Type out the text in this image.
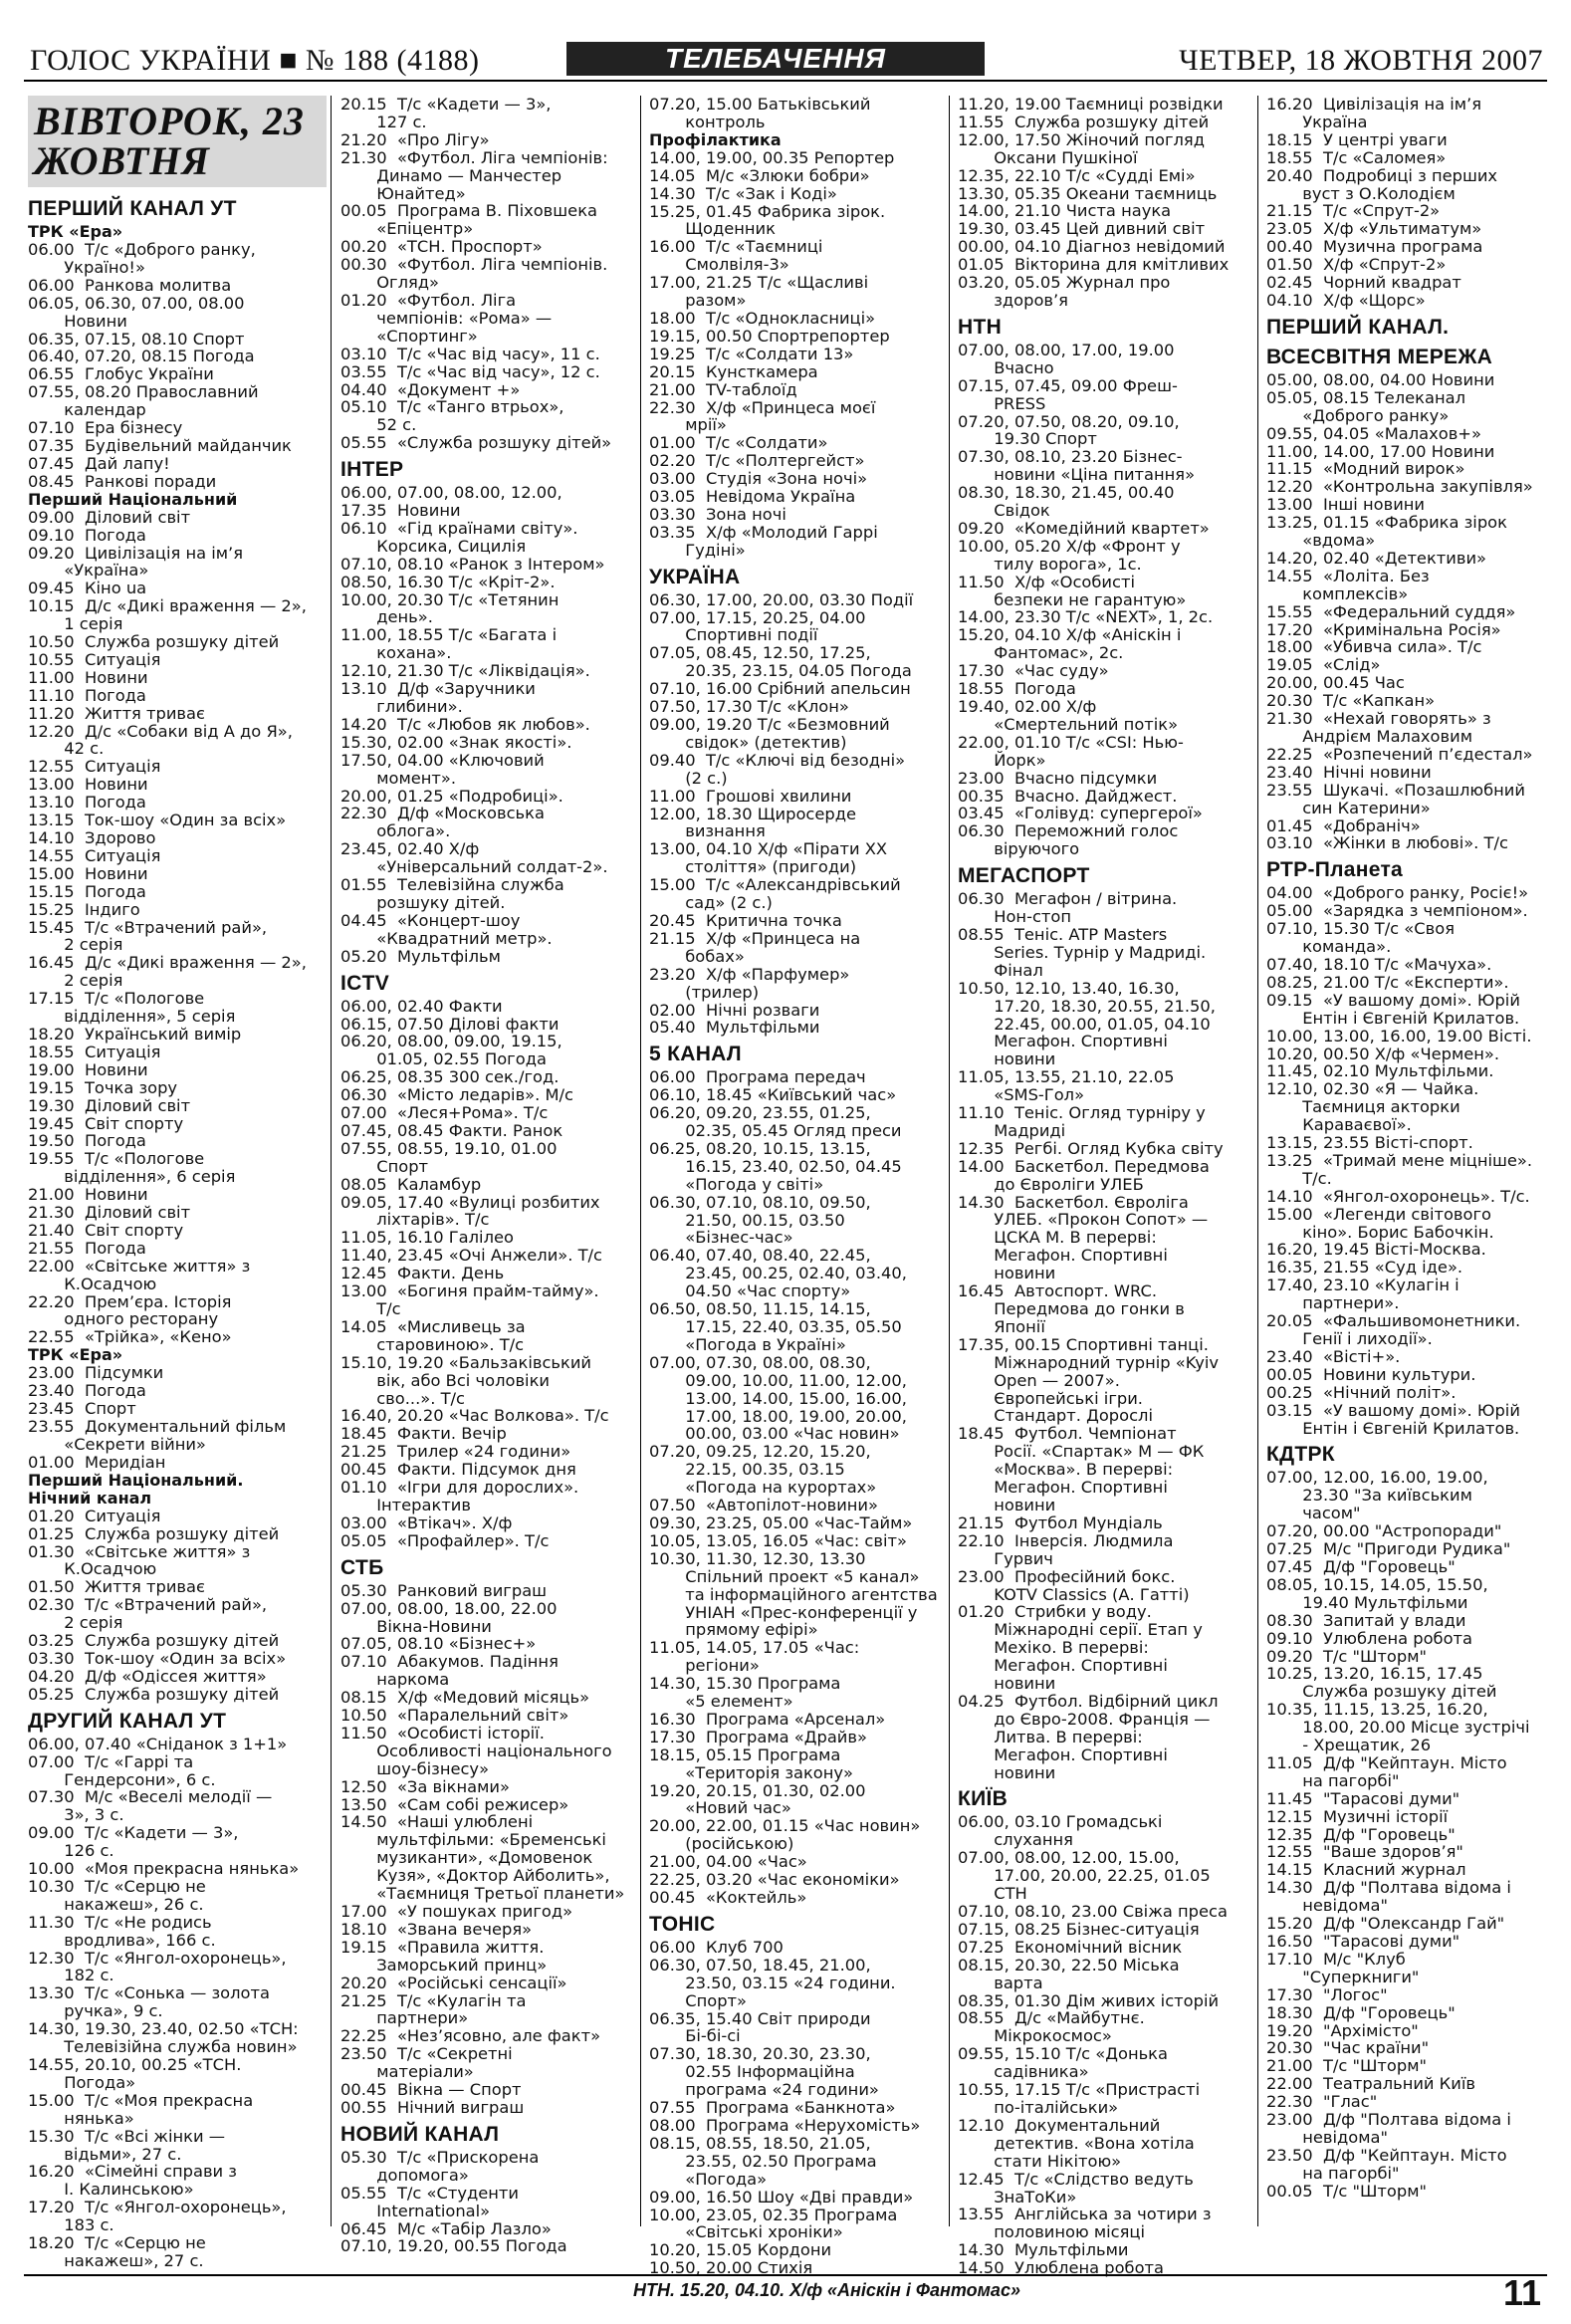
ГОЛОС УКРАЇНИ ■ № 188 (4188)	ТЕЛЕБАЧЕННЯ	ЧЕТВЕР, 18 ЖОВТНЯ 2007
ВІВТОРОК, 23 ЖОВТНЯ
ПЕРШИЙ КАНАЛ УТ
ТРК «Ера»
06.00  Т/с «Доброго ранку,
Україно!»
06.00  Ранкова молитва
06.05, 06.30, 07.00, 08.00
Новини
06.35, 07.15, 08.10 Спорт
06.40, 07.20, 08.15 Погода
06.55  Глобус України
07.55, 08.20 Православний
календар
07.10  Ера бізнесу
07.35  Будівельний майданчик
07.45  Дай лапу!
08.45  Ранкові поради
Перший Національний
09.00  Діловий світ
09.10  Погода
09.20  Цивілізація на ім’я
«Україна»
09.45  Кіно ua
10.15  Д/с «Дикі враження — 2»,
1 серія
10.50  Служба розшуку дітей
10.55  Ситуація
11.00  Новини
11.10  Погода
11.20  Життя триває
12.20  Д/с «Собаки від А до Я»,
42 с.
12.55  Ситуація
13.00  Новини
13.10  Погода
13.15  Ток-шоу «Один за всіх»
14.10  Здорово
14.55  Ситуація
15.00  Новини
15.15  Погода
15.25  Індиго
15.45  Т/с «Втрачений рай»,
2 серія
16.45  Д/с «Дикі враження — 2»,
2 серія
17.15  Т/с «Пологове
відділення», 5 серія
18.20  Український вимір
18.55  Ситуація
19.00  Новини
19.15  Точка зору
19.30  Діловий світ
19.45  Світ спорту
19.50  Погода
19.55  Т/с «Пологове
відділення», 6 серія
21.00  Новини
21.30  Діловий світ
21.40  Світ спорту
21.55  Погода
22.00  «Світське життя» з
К.Осадчою
22.20  Прем’єра. Історія
одного ресторану
22.55  «Трійка», «Кено»
ТРК «Ера»
23.00  Підсумки
23.40  Погода
23.45  Спорт
23.55  Документальний фільм
«Секрети війни»
01.00  Меридіан
Перший Національний.
Нічний канал
01.20  Ситуація
01.25  Служба розшуку дітей
01.30  «Світське життя» з
К.Осадчою
01.50  Життя триває
02.30  Т/с «Втрачений рай»,
2 серія
03.25  Служба розшуку дітей
03.30  Ток-шоу «Один за всіх»
04.20  Д/ф «Одіссея життя»
05.25  Служба розшуку дітей
ДРУГИЙ КАНАЛ УТ
06.00, 07.40 «Сніданок з 1+1»
07.00  Т/с «Гаррі та
Гендерсони», 6 с.
07.30  М/с «Веселі мелодії —
3», 3 с.
09.00  Т/с «Кадети — 3»,
126 с.
10.00  «Моя прекрасна нянька»
10.30  Т/с «Серцю не
накажеш», 26 с.
11.30  Т/с «Не родись
вродлива», 166 с.
12.30  Т/с «Янгол-охоронець»,
182 с.
13.30  Т/с «Сонька — золота
ручка», 9 с.
14.30, 19.30, 23.40, 02.50 «ТСН:
Телевізійна служба новин»
14.55, 20.10, 00.25 «ТСН.
Погода»
15.00  Т/с «Моя прекрасна
нянька»
15.30  Т/с «Всі жінки —
відьми», 27 с.
16.20  «Сімейні справи з
І. Калинською»
17.20  Т/с «Янгол-охоронець»,
183 с.
18.20  Т/с «Серцю не
накажеш», 27 с.
20.15  Т/с «Кадети — 3»,
127 с.
21.20  «Про Лігу»
21.30  «Футбол. Ліга чемпіонів:
Динамо — Манчестер
Юнайтед»
00.05  Програма В. Піховшека
«Епіцентр»
00.20  «ТСН. Проспорт»
00.30  «Футбол. Ліга чемпіонів.
Огляд»
01.20  «Футбол. Ліга
чемпіонів: «Рома» —
«Спортинг»
03.10  Т/с «Час від часу», 11 с.
03.55  Т/с «Час від часу», 12 с.
04.40  «Документ +»
05.10  Т/с «Танго втрьох»,
52 с.
05.55  «Служба розшуку дітей»
ІНТЕР
06.00, 07.00, 08.00, 12.00,
17.35  Новини
06.10  «Гід країнами світу».
Корсика, Сицилія
07.10, 08.10 «Ранок з Інтером»
08.50, 16.30 Т/с «Кріт-2».
10.00, 20.30 Т/с «Тетянин
день».
11.00, 18.55 Т/с «Багата і
кохана».
12.10, 21.30 Т/с «Ліквідація».
13.10  Д/ф «Заручники
глибини».
14.20  Т/с «Любов як любов».
15.30, 02.00 «Знак якості».
17.50, 04.00 «Ключовий
момент».
20.00, 01.25 «Подробиці».
22.30  Д/ф «Московська
облога».
23.45, 02.40 Х/ф
«Універсальний солдат-2».
01.55  Телевізійна служба
розшуку дітей.
04.45  «Концерт-шоу
«Квадратний метр».
05.20  Мультфільм
ICTV
06.00, 02.40 Факти
06.15, 07.50 Ділові факти
06.20, 08.00, 09.00, 19.15,
01.05, 02.55 Погода
06.25, 08.35 300 сек./год.
06.30  «Місто ледарів». М/с
07.00  «Леся+Рома». Т/с
07.45, 08.45 Факти. Ранок
07.55, 08.55, 19.10, 01.00
Спорт
08.05  Каламбур
09.05, 17.40 «Вулиці розбитих
ліхтарів». Т/с
11.05, 16.10 Галілео
11.40, 23.45 «Очі Анжели». Т/с
12.45  Факти. День
13.00  «Богиня прайм-тайму».
Т/с
14.05  «Мисливець за
старовиною». Т/с
15.10, 19.20 «Бальзаківський
вік, або Всі чоловіки
сво...». Т/с
16.40, 20.20 «Час Волкова». Т/с
18.45  Факти. Вечір
21.25  Трилер «24 години»
00.45  Факти. Підсумок дня
01.10  «Ігри для дорослих».
Інтерактив
03.00  «Втікач». Х/ф
05.05  «Профайлер». Т/с
СТБ
05.30  Ранковий виграш
07.00, 08.00, 18.00, 22.00
Вікна-Новини
07.05, 08.10 «Бізнес+»
07.10  Абакумов. Падіння
наркома
08.15  Х/ф «Медовий місяць»
10.50  «Паралельний світ»
11.50  «Особисті історії.
Особливості національного
шоу-бізнесу»
12.50  «За вікнами»
13.50  «Сам собі режисер»
14.50  «Наші улюблені
мультфільми: «Бременські
музиканти», «Домовенок
Кузя», «Доктор Айболить»,
«Таємниця Третьої планети»
17.00  «У пошуках пригод»
18.10  «Звана вечеря»
19.15  «Правила життя.
Заморський принц»
20.20  «Російські сенсації»
21.25  Т/с «Кулагін та
партнери»
22.25  «Нез’ясовно, але факт»
23.50  Т/с «Секретні
матеріали»
00.45  Вікна — Спорт
00.55  Нічний виграш
НОВИЙ КАНАЛ
05.30  Т/с «Прискорена
допомога»
05.55  Т/с «Студенти
International»
06.45  М/с «Табір Лазло»
07.10, 19.20, 00.55 Погода
07.20, 15.00 Батьківський
контроль
Профілактика
14.00, 19.00, 00.35 Репортер
14.05  М/с «Злюки бобри»
14.30  Т/с «Зак і Коді»
15.25, 01.45 Фабрика зірок.
Щоденник
16.00  Т/с «Таємниці
Смолвіля-3»
17.00, 21.25 Т/с «Щасливі
разом»
18.00  Т/с «Однокласниці»
19.15, 00.50 Спортрепортер
19.25  Т/с «Солдати 13»
20.15  Кунсткамера
21.00  TV-таблоїд
22.30  Х/ф «Принцеса моєї
мрії»
01.00  Т/с «Солдати»
02.20  Т/с «Полтергейст»
03.00  Студія «Зона ночі»
03.05  Невідома Україна
03.30  Зона ночі
03.35  Х/ф «Молодий Гаррі
Гудіні»
УКРАЇНА
06.30, 17.00, 20.00, 03.30 Події
07.00, 17.15, 20.25, 04.00
Спортивні події
07.05, 08.45, 12.50, 17.25,
20.35, 23.15, 04.05 Погода
07.10, 16.00 Срібний апельсин
07.50, 17.30 Т/с «Клон»
09.00, 19.20 Т/с «Безмовний
свідок» (детектив)
09.40  Т/с «Ключі від безодні»
(2 с.)
11.00  Грошові хвилини
12.00, 18.30 Щиросерде
визнання
13.00, 04.10 Х/ф «Пірати XX
століття» (пригоди)
15.00  Т/с «Александрівський
сад» (2 с.)
20.45  Критична точка
21.15  Х/ф «Принцеса на
бобах»
23.20  Х/ф «Парфумер»
(трилер)
02.00  Нічні розваги
05.40  Мультфільми
5 КАНАЛ
06.00  Програма передач
06.10, 18.45 «Київський час»
06.20, 09.20, 23.55, 01.25,
02.35, 05.45 Огляд преси
06.25, 08.20, 10.15, 13.15,
16.15, 23.40, 02.50, 04.45
«Погода у світі»
06.30, 07.10, 08.10, 09.50,
21.50, 00.15, 03.50
«Бізнес-час»
06.40, 07.40, 08.40, 22.45,
23.45, 00.25, 02.40, 03.40,
04.50 «Час спорту»
06.50, 08.50, 11.15, 14.15,
17.15, 22.40, 03.35, 05.50
«Погода в Україні»
07.00, 07.30, 08.00, 08.30,
09.00, 10.00, 11.00, 12.00,
13.00, 14.00, 15.00, 16.00,
17.00, 18.00, 19.00, 20.00,
00.00, 03.00 «Час новин»
07.20, 09.25, 12.20, 15.20,
22.15, 00.35, 03.15
«Погода на курортах»
07.50  «Автопілот-новини»
09.30, 23.25, 05.00 «Час-Тайм»
10.05, 13.05, 16.05 «Час: світ»
10.30, 11.30, 12.30, 13.30
Спільний проект «5 канал»
та інформаційного агентства
УНІАН «Прес-конференції у
прямому ефірі»
11.05, 14.05, 17.05 «Час:
регіони»
14.30, 15.30 Програма
«5 елемент»
16.30  Програма «Арсенал»
17.30  Програма «Драйв»
18.15, 05.15 Програма
«Територія закону»
19.20, 20.15, 01.30, 02.00
«Новий час»
20.00, 22.00, 01.15 «Час новин»
(російською)
21.00, 04.00 «Час»
22.25, 03.20 «Час економіки»
00.45  «Коктейль»
TOHIC
06.00  Клуб 700
06.30, 07.50, 18.45, 21.00,
23.50, 03.15 «24 години.
Спорт»
06.35, 15.40 Світ природи
Бі-бі-сі
07.30, 18.30, 20.30, 23.30,
02.55 Інформаційна
програма «24 години»
07.55  Програма «Банкнота»
08.00  Програма «Нерухомість»
08.15, 08.55, 18.50, 21.05,
23.55, 02.50 Програма
«Погода»
09.00, 16.50 Шоу «Дві правди»
10.00, 23.05, 02.35 Програма
«Світські хроніки»
10.20, 15.05 Кордони
10.50, 20.00 Стихія
11.20, 19.00 Таємниці розвідки
11.55  Служба розшуку дітей
12.00, 17.50 Жіночий погляд
Оксани Пушкіної
12.35, 22.10 Т/с «Судді Емі»
13.30, 05.35 Океани таємниць
14.00, 21.10 Чиста наука
19.30, 03.45 Цей дивний світ
00.00, 04.10 Діагноз невідомий
01.05  Вікторина для кмітливих
03.20, 05.05 Журнал про
здоров’я
НТН
07.00, 08.00, 17.00, 19.00
Вчасно
07.15, 07.45, 09.00 Фреш-
PRESS
07.20, 07.50, 08.20, 09.10,
19.30 Спорт
07.30, 08.10, 23.20 Бізнес-
новини «Ціна питання»
08.30, 18.30, 21.45, 00.40
Свідок
09.20  «Комедійний квартет»
10.00, 05.20 Х/ф «Фронт у
тилу ворога», 1с.
11.50  Х/ф «Особисті
безпеки не гарантую»
14.00, 23.30 Т/с «NEXT», 1, 2с.
15.20, 04.10 Х/ф «Анiскiн i
Фантомас», 2с.
17.30  «Час суду»
18.55  Погода
19.40, 02.00 Х/ф
«Смертельний потік»
22.00, 01.10 Т/с «CSI: Нью-
Йорк»
23.00  Вчасно підсумки
00.35  Вчасно. Дайджест.
03.45  «Голівуд: супергерої»
06.30  Переможний голос
віруючого
МЕГАСПОРТ
06.30  Мегафон / вітрина.
Нон-стоп
08.55  Теніс. ATP Masters
Series. Турнір у Мадриді.
Фінал
10.50, 12.10, 13.40, 16.30,
17.20, 18.30, 20.55, 21.50,
22.45, 00.00, 01.05, 04.10
Мегафон. Спортивні
новини
11.05, 13.55, 21.10, 22.05
«SMS-Гол»
11.10  Теніс. Огляд турніру у
Мадриді
12.35  Регбі. Огляд Кубка світу
14.00  Баскетбол. Передмова
до Євроліги УЛЕБ
14.30  Баскетбол. Євроліга
УЛЕБ. «Прокон Сопот» —
ЦСКА М. В перерві:
Мегафон. Спортивні
новини
16.45  Автоспорт. WRC.
Передмова до гонки в
Японії
17.35, 00.15 Спортивні танці.
Міжнародний турнір «Kyiv
Open — 2007».
Європейські ігри.
Стандарт. Дорослі
18.45  Футбол. Чемпіонат
Росії. «Спартак» М — ФК
«Москва». В перерві:
Мегафон. Спортивні
новини
21.15  Футбол Мундіаль
22.10  Інверсія. Людмила
Гурвич
23.00  Професійний бокс.
KOTV Classics (А. Гатті)
01.20  Стрибки у воду.
Міжнародні серії. Етап у
Мехіко. В перерві:
Мегафон. Спортивні
новини
04.25  Футбол. Відбірний цикл
до Євро-2008. Франція —
Литва. В перерві:
Мегафон. Спортивні
новини
КИЇВ
06.00, 03.10 Громадські
слухання
07.00, 08.00, 12.00, 15.00,
17.00, 20.00, 22.25, 01.05
СТН
07.10, 08.10, 23.00 Свіжа преса
07.15, 08.25 Бізнес-ситуація
07.25  Економічний вісник
08.15, 20.30, 22.50 Міська
варта
08.35, 01.30 Дім живих історій
08.55  Д/с «Майбутнє.
Мікрокосмос»
09.55, 15.10 Т/с «Донька
садівника»
10.55, 17.15 Т/с «Пристрасті
по-італійськи»
12.10  Документальний
детектив. «Вона хотіла
стати Нікітою»
12.45  Т/с «Слідство ведуть
ЗнаТоКи»
13.55  Англійська за чотири з
половиною місяці
14.30  Мультфільми
14.50  Улюблена робота
16.20  Цивілізація на ім’я
Україна
18.15  У центрі уваги
18.55  Т/с «Саломея»
20.40  Подробиці з перших
вуст з О.Колодієм
21.15  Т/с «Спрут-2»
23.05  Х/ф «Ультиматум»
00.40  Музична програма
01.50  Х/ф «Спрут-2»
02.45  Чорний квадрат
04.10  Х/ф «Щорс»
ПЕРШИЙ КАНАЛ.
ВСЕСВІТНЯ МЕРЕЖА
05.00, 08.00, 04.00 Новини
05.05, 08.15 Телеканал
«Доброго ранку»
09.55, 04.05 «Малахов+»
11.00, 14.00, 17.00 Новини
11.15  «Модний вирок»
12.20  «Контрольна закупівля»
13.00  Інші новини
13.25, 01.15 «Фабрика зірок
«вдома»
14.20, 02.40 «Детективи»
14.55  «Лоліта. Без
комплексів»
15.55  «Федеральний суддя»
17.20  «Кримінальна Росія»
18.00  «Убивча сила». Т/с
19.05  «Слід»
20.00, 00.45 Час
20.30  Т/с «Капкан»
21.30  «Нехай говорять» з
Андрієм Малаховим
22.25  «Розпечений п’єдестал»
23.40  Нічні новини
23.55  Шукачі. «Позашлюбний
син Катерини»
01.45  «Добраніч»
03.10  «Жінки в любові». Т/с
РТР-Планета
04.00  «Доброго ранку, Росіє!»
05.00  «Зарядка з чемпіоном».
07.10, 15.30 Т/с «Своя
команда».
07.40, 18.10 Т/с «Мачуха».
08.25, 21.00 Т/с «Експерти».
09.15  «У вашому домі». Юрій
Ентін і Євгеній Крилатов.
10.00, 13.00, 16.00, 19.00 Вісті.
10.20, 00.50 Х/ф «Чермен».
11.45, 02.10 Мультфільми.
12.10, 02.30 «Я — Чайка.
Таємниця акторки
Караваєвої».
13.15, 23.55 Вісті-спорт.
13.25  «Тримай мене міцніше».
Т/с.
14.10  «Янгол-охоронець». Т/с.
15.00  «Легенди світового
кіно». Борис Бабочкін.
16.20, 19.45 Вісті-Москва.
16.35, 21.55 «Суд іде».
17.40, 23.10 «Кулагін і
партнери».
20.05  «Фальшивомонетники.
Генії і лиходії».
23.40  «Вісті+».
00.05  Новини культури.
00.25  «Нічний політ».
03.15  «У вашому домі». Юрій
Ентін і Євгеній Крилатов.
КДТРК
07.00, 12.00, 16.00, 19.00,
23.30 "За київським
часом"
07.20, 00.00 "Астропоради"
07.25  М/с "Пригоди Рудика"
07.45  Д/ф "Горовець"
08.05, 10.15, 14.05, 15.50,
19.40 Мультфільми
08.30  Запитай у влади
09.10  Улюблена робота
09.20  Т/с "Шторм"
10.25, 13.20, 16.15, 17.45
Служба розшуку дітей
10.35, 11.15, 13.25, 16.20,
18.00, 20.00 Місце зустрічі
- Хрещатик, 26
11.05  Д/ф "Кейптаун. Місто
на пагорбі"
11.45  "Тарасові думи"
12.15  Музичні історії
12.35  Д/ф "Горовець"
12.55  "Ваше здоров’я"
14.15  Класний журнал
14.30  Д/ф "Полтава відома і
невідома"
15.20  Д/ф "Олександр Гай"
16.50  "Тарасові думи"
17.10  М/с "Клуб
"Суперкниги"
17.30  "Логос"
18.30  Д/ф "Горовець"
19.20  "Архімісто"
20.30  "Час країни"
21.00  Т/с "Шторм"
22.00  Театральний Київ
22.30  "Глас"
23.00  Д/ф "Полтава відома і
невідома"
23.50  Д/ф "Кейптаун. Місто
на пагорбі"
00.05  Т/с "Шторм"
НТН. 15.20, 04.10. Х/ф «Анiскiн i Фантомас»	11
